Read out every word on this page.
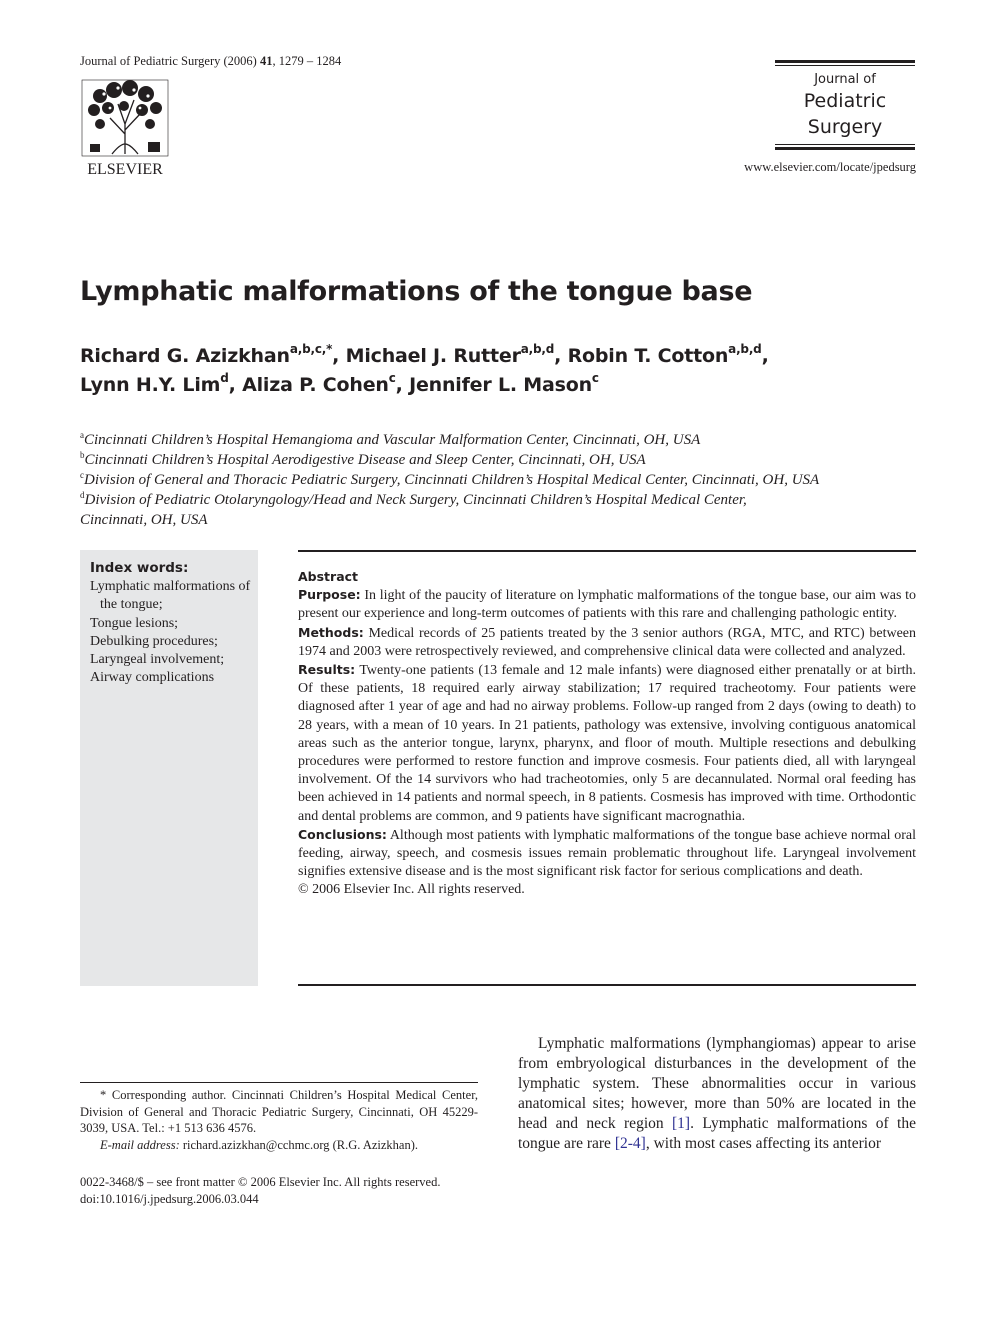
Journal of Pediatric Surgery (2006) 41, 1279 – 1284
ELSEVIER
Journal of
Pediatric
Surgery
www.elsevier.com/locate/jpedsurg
Lymphatic malformations of the tongue base
Richard G. Azizkhan$^{a,b,c,*}$, Michael J. Rutter$^{a,b,d}$, Robin T. Cotton$^{a,b,d}$,
Lynn H.Y. Lim$^d$, Aliza P. Cohen$^c$, Jennifer L. Mason$^c$
$^a$Cincinnati Children’s Hospital Hemangioma and Vascular Malformation Center, Cincinnati, OH, USA
$^b$Cincinnati Children’s Hospital Aerodigestive Disease and Sleep Center, Cincinnati, OH, USA
$^c$Division of General and Thoracic Pediatric Surgery, Cincinnati Children’s Hospital Medical Center, Cincinnati, OH, USA
$^d$Division of Pediatric Otolaryngology/Head and Neck Surgery, Cincinnati Children’s Hospital Medical Center,
Cincinnati, OH, USA
Index words:
Lymphatic malformations of the tongue;
Tongue lesions;
Debulking procedures;
Laryngeal involvement;
Airway complications

Abstract

Purpose: In light of the paucity of literature on lymphatic malformations of the tongue base, our aim was to present our experience and long-term outcomes of patients with this rare and challenging pathologic entity.

Methods: Medical records of 25 patients treated by the 3 senior authors (RGA, MTC, and RTC) between 1974 and 2003 were retrospectively reviewed, and comprehensive clinical data were collected and analyzed.

Results: Twenty-one patients (13 female and 12 male infants) were diagnosed either prenatally or at birth. Of these patients, 18 required early airway stabilization; 17 required tracheotomy. Four patients were diagnosed after 1 year of age and had no airway problems. Follow-up ranged from 2 days (owing to death) to 28 years, with a mean of 10 years. In 21 patients, pathology was extensive, involving contiguous anatomical areas such as the anterior tongue, larynx, pharynx, and floor of mouth. Multiple resections and debulking procedures were performed to restore function and improve cosmesis. Four patients died, all with laryngeal involvement. Of the 14 survivors who had tracheotomies, only 5 are decannulated. Normal oral feeding has been achieved in 14 patients and normal speech, in 8 patients. Cosmesis has improved with time. Orthodontic and dental problems are common, and 9 patients have significant macrognathia.

Conclusions: Although most patients with lymphatic malformations of the tongue base achieve normal oral feeding, airway, speech, and cosmesis issues remain problematic throughout life. Laryngeal involvement signifies extensive disease and is the most significant risk factor for serious complications and death.

© 2006 Elsevier Inc. All rights reserved.

Lymphatic malformations (lymphangiomas) appear to arise from embryological disturbances in the development of the lymphatic system. These abnormalities occur in various anatomical sites; however, more than 50% are located in the head and neck region [1]. Lymphatic malformations of the tongue are rare [2-4], with most cases affecting its anterior

* Corresponding author. Cincinnati Children’s Hospital Medical Center, Division of General and Thoracic Pediatric Surgery, Cincinnati, OH 45229-3039, USA. Tel.: +1 513 636 4576.

E-mail address: richard.azizkhan@cchmc.org (R.G. Azizkhan).

0022-3468/$ – see front matter © 2006 Elsevier Inc. All rights reserved.
doi:10.1016/j.jpedsurg.2006.03.044
